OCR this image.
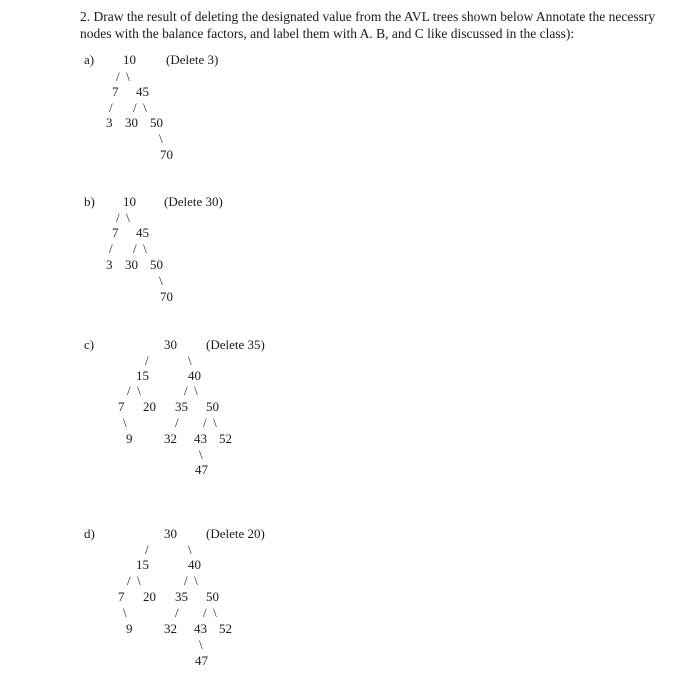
2. Draw the result of deleting the designated value from the AVL trees shown below Annotate the necessry

nodes with the balance factors, and label them with A. B, and C like discussed in the class):

a) 10 (Delete 3)
/  \
7 45
/ /  \
3 30 50
\
70
b) 10 (Delete 30)
/  \
7 45
/ /  \
3 30 50
\
70
c)	30 (Delete 35)
/	\
15	40
/  \	/  \
7 20 35 50
\	/ /  \
9 32 43 52
\
47
d)	30 (Delete 20)
/	\
15	40
/  \	/  \
7 20 35 50
\	/ /  \
9 32 43 52
\
47
